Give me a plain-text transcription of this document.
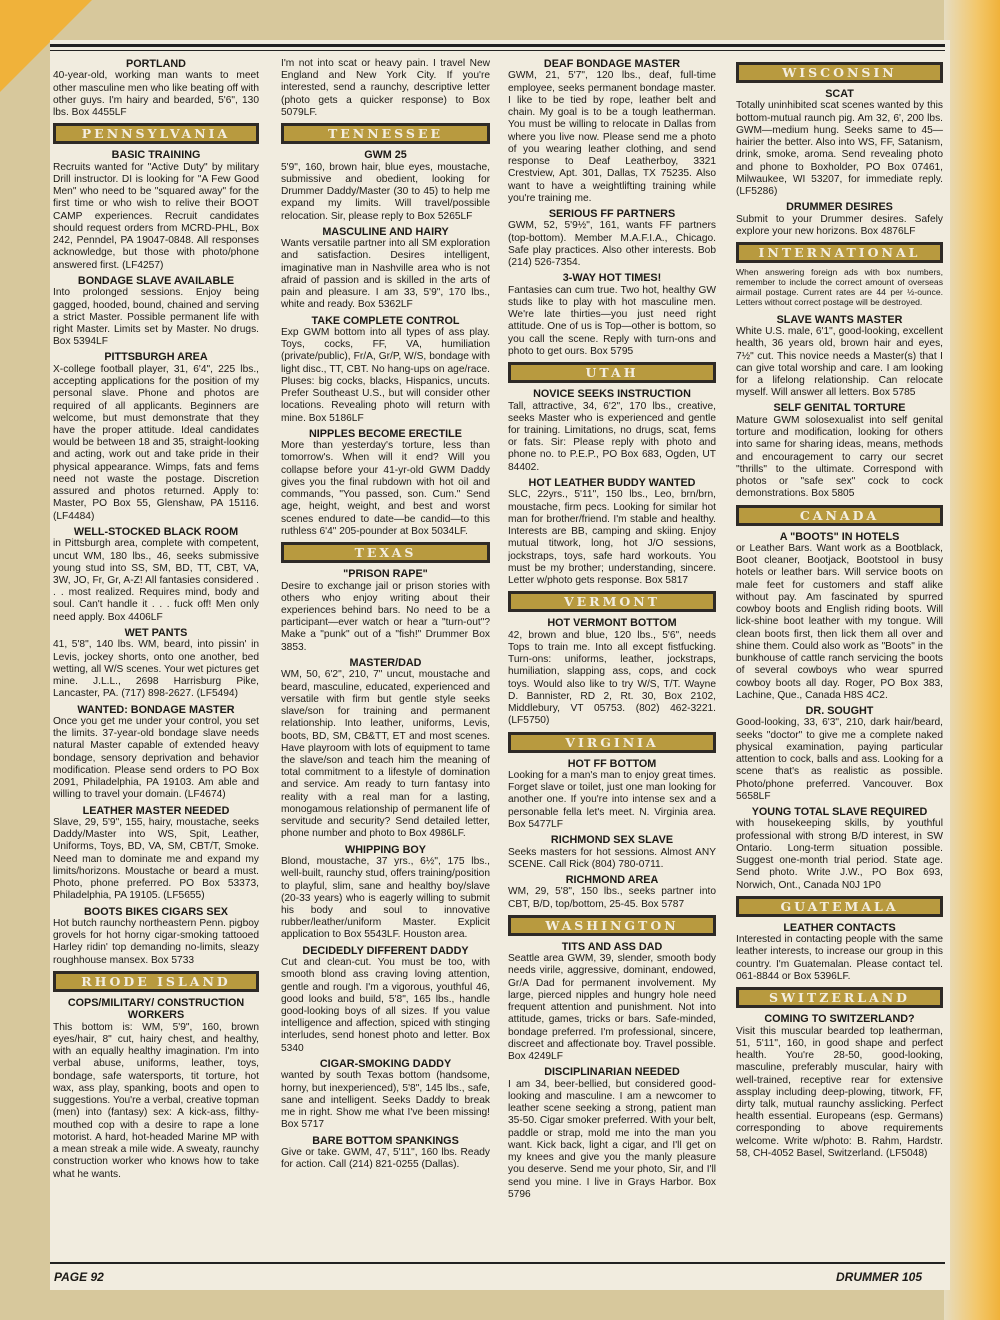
PORTLAND

40-year-old, working man wants to meet other masculine men who like beating off with other guys. I'm hairy and bearded, 5'6", 130 lbs. Box 4455LF

PENNSYLVANIA
BASIC TRAINING

Recruits wanted for "Active Duty" by military Drill instructor. DI is looking for "A Few Good Men" who need to be "squared away" for the first time or who wish to relive their BOOT CAMP experiences. Recruit candidates should request orders from MCRD-PHL, Box 242, Penndel, PA 19047-0848. All responses acknowledge, but those with photo/phone answered first. (LF4257)

BONDAGE SLAVE AVAILABLE

Into prolonged sessions. Enjoy being gagged, hooded, bound, chained and serving a strict Master. Possible permanent life with right Master. Limits set by Master. No drugs. Box 5394LF

PITTSBURGH AREA

X-college football player, 31, 6'4", 225 lbs., accepting applications for the position of my personal slave. Phone and photos are required of all applicants. Beginners are welcome, but must demonstrate that they have the proper attitude. Ideal candidates would be between 18 and 35, straight-looking and acting, work out and take pride in their physical appearance. Wimps, fats and fems need not waste the postage. Discretion assured and photos returned. Apply to: Master, PO Box 55, Glenshaw, PA 15116. (LF4484)

WELL-STOCKED BLACK ROOM

in Pittsburgh area, complete with competent, uncut WM, 180 lbs., 46, seeks submissive young stud into SS, SM, BD, TT, CBT, VA, 3W, JO, Fr, Gr, A-Z! All fantasies considered . . . most realized. Requires mind, body and soul. Can't handle it . . . fuck off! Men only need apply. Box 4406LF

WET PANTS

41, 5'8", 140 lbs. WM, beard, into pissin' in Levis, jockey shorts, onto one another, bed wetting, all W/S scenes. Your wet pictures get mine. J.L.L., 2698 Harrisburg Pike, Lancaster, PA. (717) 898-2627. (LF5494)

WANTED: BONDAGE MASTER

Once you get me under your control, you set the limits. 37-year-old bondage slave needs natural Master capable of extended heavy bondage, sensory deprivation and behavior modification. Please send orders to PO Box 2091, Philadelphia, PA 19103. Am able and willing to travel your domain. (LF4674)

LEATHER MASTER NEEDED

Slave, 29, 5'9", 155, hairy, moustache, seeks Daddy/Master into WS, Spit, Leather, Uniforms, Toys, BD, VA, SM, CBT/T, Smoke. Need man to dominate me and expand my limits/horizons. Moustache or beard a must. Photo, phone preferred. PO Box 53373, Philadelphia, PA 19105. (LF5655)

BOOTS BIKES CIGARS SEX

Hot butch raunchy northeastern Penn. pigboy grovels for hot horny cigar-smoking tattooed Harley ridin' top demanding no-limits, sleazy roughhouse mansex. Box 5733

RHODE ISLAND
COPS/MILITARY/ CONSTRUCTION WORKERS

This bottom is: WM, 5'9", 160, brown eyes/hair, 8" cut, hairy chest, and healthy, with an equally healthy imagination. I'm into verbal abuse, uniforms, leather, toys, bondage, safe watersports, tit torture, hot wax, ass play, spanking, boots and open to suggestions. You're a verbal, creative topman (men) into (fantasy) sex: A kick-ass, filthy-mouthed cop with a desire to rape a lone motorist. A hard, hot-headed Marine MP with a mean streak a mile wide. A sweaty, raunchy construction worker who knows how to take what he wants.

I'm not into scat or heavy pain. I travel New England and New York City. If you're interested, send a raunchy, descriptive letter (photo gets a quicker response) to Box 5079LF.

TENNESSEE
GWM 25

5'9", 160, brown hair, blue eyes, moustache, submissive and obedient, looking for Drummer Daddy/Master (30 to 45) to help me expand my limits. Will travel/possible relocation. Sir, please reply to Box 5265LF

MASCULINE AND HAIRY

Wants versatile partner into all SM exploration and satisfaction. Desires intelligent, imaginative man in Nashville area who is not afraid of passion and is skilled in the arts of pain and pleasure. I am 33, 5'9", 170 lbs., white and ready. Box 5362LF

TAKE COMPLETE CONTROL

Exp GWM bottom into all types of ass play. Toys, cocks, FF, VA, humiliation (private/public), Fr/A, Gr/P, W/S, bondage with light disc., TT, CBT. No hang-ups on age/race. Pluses: big cocks, blacks, Hispanics, uncuts. Prefer Southeast U.S., but will consider other locations. Revealing photo will return with mine. Box 5186LF

NIPPLES BECOME ERECTILE

More than yesterday's torture, less than tomorrow's. When will it end? Will you collapse before your 41-yr-old GWM Daddy gives you the final rubdown with hot oil and commands, "You passed, son. Cum." Send age, height, weight, and best and worst scenes endured to date—be candid—to this ruthless 6'4" 205-pounder at Box 5034LF.

TEXAS
"PRISON RAPE"

Desire to exchange jail or prison stories with others who enjoy writing about their experiences behind bars. No need to be a participant—ever watch or hear a "turn-out"? Make a "punk" out of a "fish!" Drummer Box 3853.

MASTER/DAD

WM, 50, 6'2", 210, 7" uncut, moustache and beard, masculine, educated, experienced and versatile with firm but gentle style seeks slave/son for training and permanent relationship. Into leather, uniforms, Levis, boots, BD, SM, CB&TT, ET and most scenes. Have playroom with lots of equipment to tame the slave/son and teach him the meaning of total commitment to a lifestyle of domination and service. Am ready to turn fantasy into reality with a real man for a lasting, monogamous relationship of permanent life of servitude and security? Send detailed letter, phone number and photo to Box 4986LF.

WHIPPING BOY

Blond, moustache, 37 yrs., 6½", 175 lbs., well-built, raunchy stud, offers training/position to playful, slim, sane and healthy boy/slave (20-33 years) who is eagerly willing to submit his body and soul to innovative rubber/leather/uniform Master. Explicit application to Box 5543LF. Houston area.

DECIDEDLY DIFFERENT DADDY

Cut and clean-cut. You must be too, with smooth blond ass craving loving attention, gentle and rough. I'm a vigorous, youthful 46, good looks and build, 5'8", 165 lbs., handle good-looking boys of all sizes. If you value intelligence and affection, spiced with stinging interludes, send honest photo and letter. Box 5340

CIGAR-SMOKING DADDY

wanted by south Texas bottom (handsome, horny, but inexperienced), 5'8", 145 lbs., safe, sane and intelligent. Seeks Daddy to break me in right. Show me what I've been missing! Box 5717

BARE BOTTOM SPANKINGS

Give or take. GWM, 47, 5'11", 160 lbs. Ready for action. Call (214) 821-0255 (Dallas).

DEAF BONDAGE MASTER

GWM, 21, 5'7", 120 lbs., deaf, full-time employee, seeks permanent bondage master. I like to be tied by rope, leather belt and chain. My goal is to be a tough leatherman. You must be willing to relocate in Dallas from where you live now. Please send me a photo of you wearing leather clothing, and send response to Deaf Leatherboy, 3321 Crestview, Apt. 301, Dallas, TX 75235. Also want to have a weightlifting training while you're training me.

SERIOUS FF PARTNERS

GWM, 52, 5'9½", 161, wants FF partners (top-bottom). Member M.A.F.I.A., Chicago. Safe play practices. Also other interests. Bob (214) 526-7354.

3-WAY HOT TIMES!

Fantasies can cum true. Two hot, healthy GW studs like to play with hot masculine men. We're late thirties—you just need right attitude. One of us is Top—other is bottom, so you call the scene. Reply with turn-ons and photo to get ours. Box 5795

UTAH
NOVICE SEEKS INSTRUCTION

Tall, attractive, 34, 6'2", 170 lbs., creative, seeks Master who is experienced and gentle for training. Limitations, no drugs, scat, fems or fats. Sir: Please reply with photo and phone no. to P.E.P., PO Box 683, Ogden, UT 84402.

HOT LEATHER BUDDY WANTED

SLC, 22yrs., 5'11", 150 lbs., Leo, brn/brn, moustache, firm pecs. Looking for similar hot man for brother/friend. I'm stable and healthy. Interests are BB, camping and skiing. Enjoy mutual titwork, long, hot J/O sessions, jockstraps, toys, safe hard workouts. You must be my brother; understanding, sincere. Letter w/photo gets response. Box 5817

VERMONT
HOT VERMONT BOTTOM

42, brown and blue, 120 lbs., 5'6", needs Tops to train me. Into all except fistfucking. Turn-ons: uniforms, leather, jockstraps, humiliation, slapping ass, cops, and cock toys. Would also like to try W/S, T/T. Wayne D. Bannister, RD 2, Rt. 30, Box 2102, Middlebury, VT 05753. (802) 462-3221. (LF5750)

VIRGINIA
HOT FF BOTTOM

Looking for a man's man to enjoy great times. Forget slave or toilet, just one man looking for another one. If you're into intense sex and a personable fella let's meet. N. Virginia area. Box 5477LF

RICHMOND SEX SLAVE

Seeks masters for hot sessions. Almost ANY SCENE. Call Rick (804) 780-0711.

RICHMOND AREA

WM, 29, 5'8", 150 lbs., seeks partner into CBT, B/D, top/bottom, 25-45. Box 5787

WASHINGTON
TITS AND ASS DAD

Seattle area GWM, 39, slender, smooth body needs virile, aggressive, dominant, endowed, Gr/A Dad for permanent involvement. My large, pierced nipples and hungry hole need frequent attention and punishment. Not into attitude, games, tricks or bars. Safe-minded, bondage preferred. I'm professional, sincere, discreet and affectionate boy. Travel possible. Box 4249LF

DISCIPLINARIAN NEEDED

I am 34, beer-bellied, but considered good-looking and masculine. I am a newcomer to leather scene seeking a strong, patient man 35-50. Cigar smoker preferred. With your belt, paddle or strap, mold me into the man you want. Kick back, light a cigar, and I'll get on my knees and give you the manly pleasure you deserve. Send me your photo, Sir, and I'll send you mine. I live in Grays Harbor. Box 5796

WISCONSIN
SCAT

Totally uninhibited scat scenes wanted by this bottom-mutual raunch pig. Am 32, 6', 200 lbs. GWM—medium hung. Seeks same to 45—hairier the better. Also into WS, FF, Satanism, drink, smoke, aroma. Send revealing photo and phone to Boxholder, PO Box 07461, Milwaukee, WI 53207, for immediate reply. (LF5286)

DRUMMER DESIRES

Submit to your Drummer desires. Safely explore your new horizons. Box 4876LF

INTERNATIONAL
When answering foreign ads with box numbers, remember to include the correct amount of overseas airmail postage. Current rates are 44 per ½-ounce. Letters without correct postage will be destroyed.
SLAVE WANTS MASTER

White U.S. male, 6'1", good-looking, excellent health, 36 years old, brown hair and eyes, 7½" cut. This novice needs a Master(s) that I can give total worship and care. I am looking for a lifelong relationship. Can relocate myself. Will answer all letters. Box 5785

SELF GENITAL TORTURE

Mature GWM solosexualist into self genital torture and modification, looking for others into same for sharing ideas, means, methods and encouragement to carry our secret "thrills" to the ultimate. Correspond with photos or "safe sex" cock to cock demonstrations. Box 5805

CANADA
A "BOOTS" IN HOTELS

or Leather Bars. Want work as a Bootblack, Boot cleaner, Bootjack, Bootstool in busy hotels or leather bars. Will service boots on male feet for customers and staff alike without pay. Am fascinated by spurred cowboy boots and English riding boots. Will lick-shine boot leather with my tongue. Will clean boots first, then lick them all over and shine them. Could also work as "Boots" in the bunkhouse of cattle ranch servicing the boots of several cowboys who wear spurred cowboy boots all day. Roger, PO Box 383, Lachine, Que., Canada H8S 4C2.

DR. SOUGHT

Good-looking, 33, 6'3", 210, dark hair/beard, seeks "doctor" to give me a complete naked physical examination, paying particular attention to cock, balls and ass. Looking for a scene that's as realistic as possible. Photo/phone preferred. Vancouver. Box 5658LF

YOUNG TOTAL SLAVE REQUIRED

with housekeeping skills, by youthful professional with strong B/D interest, in SW Ontario. Long-term situation possible. Suggest one-month trial period. State age. Send photo. Write J.W., PO Box 693, Norwich, Ont., Canada N0J 1P0

GUATEMALA
LEATHER CONTACTS

Interested in contacting people with the same leather interests, to increase our group in this country. I'm Guatemalan. Please contact tel. 061-8844 or Box 5396LF.

SWITZERLAND
COMING TO SWITZERLAND?

Visit this muscular bearded top leatherman, 51, 5'11", 160, in good shape and perfect health. You're 28-50, good-looking, masculine, preferably muscular, hairy with well-trained, receptive rear for extensive assplay including deep-plowing, titwork, FF, dirty talk, mutual raunchy asslicking. Perfect health essential. Europeans (esp. Germans) corresponding to above requirements welcome. Write w/photo: B. Rahm, Hardstr. 58, CH-4052 Basel, Switzerland. (LF5048)

PAGE 92	DRUMMER 105
